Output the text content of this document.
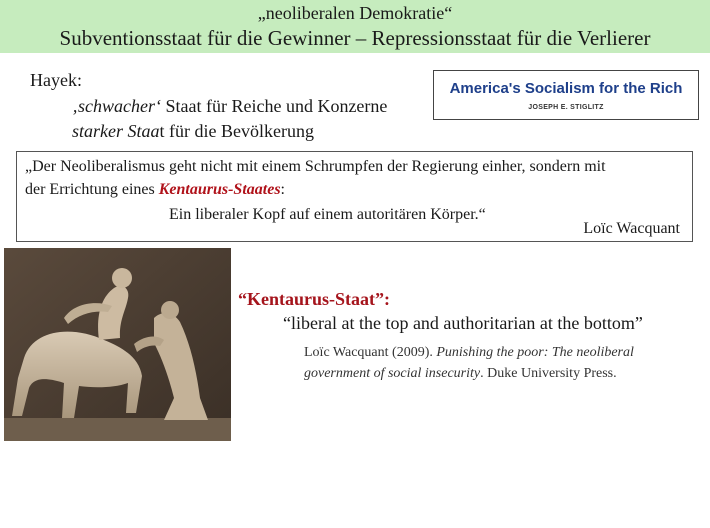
„neoliberalen Demokratie“
Subventionsstaat für die Gewinner – Repressionsstaat für die Verlierer
Hayek:
‚schwacher‘ Staat für Reiche und Konzerne
starker Staat für die Bevölkerung
America's Socialism for the Rich
JOSEPH E. STIGLITZ
„Der Neoliberalismus geht nicht mit einem Schrumpfen der Regierung einher, sondern mit
der Errichtung eines Kentaurus-Staates:
Ein liberaler Kopf auf einem autoritären Körper.“
Loïc Wacquant
“Kentaurus-Staat”:
“liberal at the top and authoritarian at the bottom”
Loïc Wacquant (2009). Punishing the poor: The neoliberal
government of social insecurity. Duke University Press.
